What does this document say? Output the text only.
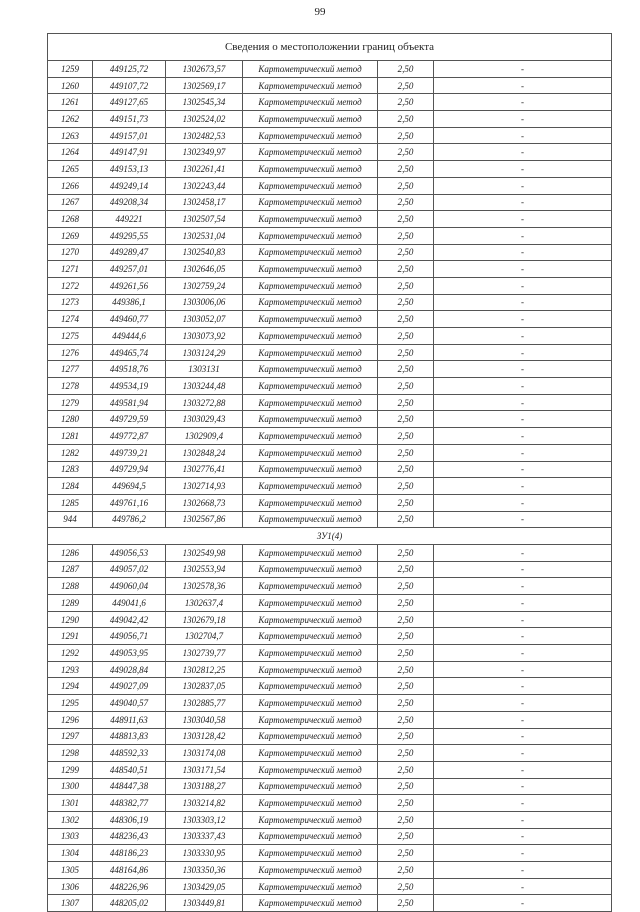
99
Сведения о местоположении границ объекта					
1259	449125,72	1302673,57	Картометрический метод	2,50	-
1260	449107,72	1302569,17	Картометрический метод	2,50	-
1261	449127,65	1302545,34	Картометрический метод	2,50	-
1262	449151,73	1302524,02	Картометрический метод	2,50	-
1263	449157,01	1302482,53	Картометрический метод	2,50	-
1264	449147,91	1302349,97	Картометрический метод	2,50	-
1265	449153,13	1302261,41	Картометрический метод	2,50	-
1266	449249,14	1302243,44	Картометрический метод	2,50	-
1267	449208,34	1302458,17	Картометрический метод	2,50	-
1268	449221	1302507,54	Картометрический метод	2,50	-
1269	449295,55	1302531,04	Картометрический метод	2,50	-
1270	449289,47	1302540,83	Картометрический метод	2,50	-
1271	449257,01	1302646,05	Картометрический метод	2,50	-
1272	449261,56	1302759,24	Картометрический метод	2,50	-
1273	449386,1	1303006,06	Картометрический метод	2,50	-
1274	449460,77	1303052,07	Картометрический метод	2,50	-
1275	449444,6	1303073,92	Картометрический метод	2,50	-
1276	449465,74	1303124,29	Картометрический метод	2,50	-
1277	449518,76	1303131	Картометрический метод	2,50	-
1278	449534,19	1303244,48	Картометрический метод	2,50	-
1279	449581,94	1303272,88	Картометрический метод	2,50	-
1280	449729,59	1303029,43	Картометрический метод	2,50	-
1281	449772,87	1302909,4	Картометрический метод	2,50	-
1282	449739,21	1302848,24	Картометрический метод	2,50	-
1283	449729,94	1302776,41	Картометрический метод	2,50	-
1284	449694,5	1302714,93	Картометрический метод	2,50	-
1285	449761,16	1302668,73	Картометрический метод	2,50	-
944	449786,2	1302567,86	Картометрический метод	2,50	-
ЗУ1(4)					
1286	449056,53	1302549,98	Картометрический метод	2,50	-
1287	449057,02	1302553,94	Картометрический метод	2,50	-
1288	449060,04	1302578,36	Картометрический метод	2,50	-
1289	449041,6	1302637,4	Картометрический метод	2,50	-
1290	449042,42	1302679,18	Картометрический метод	2,50	-
1291	449056,71	1302704,7	Картометрический метод	2,50	-
1292	449053,95	1302739,77	Картометрический метод	2,50	-
1293	449028,84	1302812,25	Картометрический метод	2,50	-
1294	449027,09	1302837,05	Картометрический метод	2,50	-
1295	449040,57	1302885,77	Картометрический метод	2,50	-
1296	448911,63	1303040,58	Картометрический метод	2,50	-
1297	448813,83	1303128,42	Картометрический метод	2,50	-
1298	448592,33	1303174,08	Картометрический метод	2,50	-
1299	448540,51	1303171,54	Картометрический метод	2,50	-
1300	448447,38	1303188,27	Картометрический метод	2,50	-
1301	448382,77	1303214,82	Картометрический метод	2,50	-
1302	448306,19	1303303,12	Картометрический метод	2,50	-
1303	448236,43	1303337,43	Картометрический метод	2,50	-
1304	448186,23	1303330,95	Картометрический метод	2,50	-
1305	448164,86	1303350,36	Картометрический метод	2,50	-
1306	448226,96	1303429,05	Картометрический метод	2,50	-
1307	448205,02	1303449,81	Картометрический метод	2,50	-
